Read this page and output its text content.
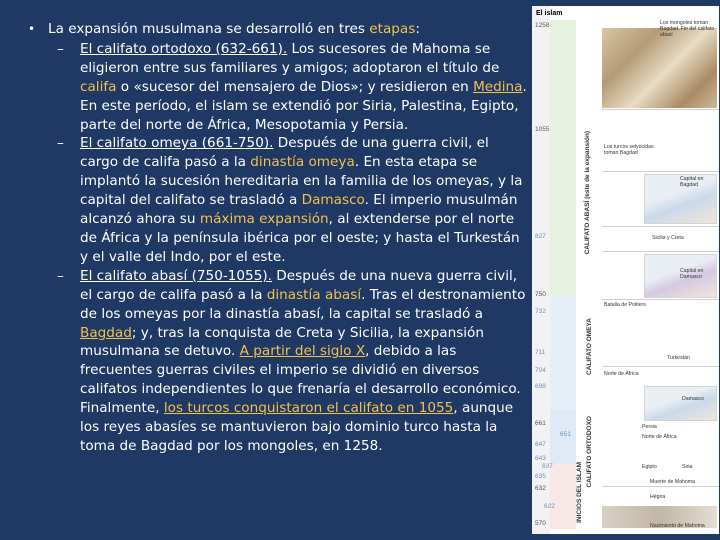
• La expansión musulmana se desarrolló en tres etapas:
– El califato ortodoxo (632-661). Los sucesores de Mahoma se eligieron entre sus familiares y amigos; adoptaron el título de califa o «sucesor del mensajero de Dios»; y residieron en Medina. En este período, el islam se extendió por Siria, Palestina, Egipto, parte del norte de África, Mesopotamia y Persia.
– El califato omeya (661-750). Después de una guerra civil, el cargo de califa pasó a la dinastía omeya. En esta etapa se implantó la sucesión hereditaria en la familia de los omeyas, y la capital del califato se trasladó a Damasco. El imperio musulmán alcanzó ahora su máxima expansión, al extenderse por el norte de África y la península ibérica por el oeste; y hasta el Turkestán y el valle del Indo, por el este.
– El califato abasí (750-1055). Después de una nueva guerra civil, el cargo de califa pasó a la dinastía abasí. Tras el destronamiento de los omeyas por la dinastía abasí, la capital se trasladó a Bagdad; y, tras la conquista de Creta y Sicilia, la expansión musulmana se detuvo. A partir del siglo X, debido a las frecuentes guerras civiles el imperio se dividió en diversos califatos independientes lo que frenaría el desarrollo económico. Finalmente, los turcos conquistaron el califato en 1055, aunque los reyes abasíes se mantuvieron bajo dominio turco hasta la toma de Bagdad por los mongoles, en 1258.
El islam
CALIFATO ABASÍ (este de la expansión)
CALIFATO OMEYA
CALIFATO ORTODOXO
INICIOS DEL ISLAM
1258
1055
827
750
732
711
704
698
661
651
647
643
637
635
632
622
570
Los mongoles toman Bagdad. Fin del califato abasí
Los turcos selyúcidas toman Bagdad
Capital en Bagdad
Sicilia y Creta
Capital en Damasco
Batalla de Poitiers
Turkestán
Norte de África
Damasco
Persia
Norte de África
Egipto	Siria
Muerte de Mahoma
Hégira
Nacimiento de Mahoma
